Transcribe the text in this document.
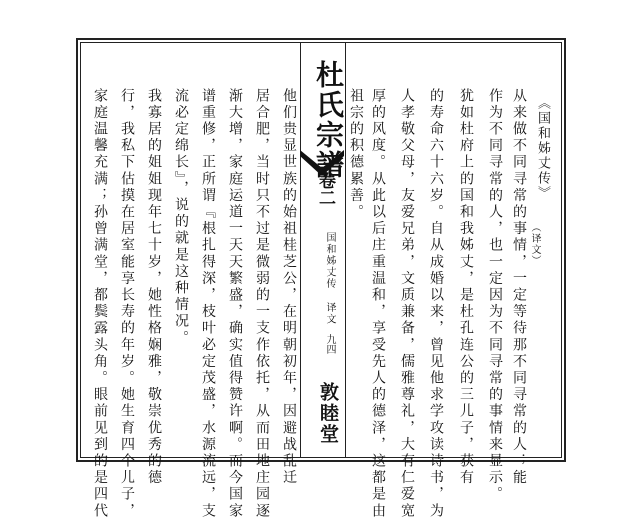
杜氏宗譜
卷二
国和姊丈传 译文
九四
敦睦堂
《国和姊丈传》
（译文）
从来做不同寻常的事情，一定等待那不同寻常的人；能
作为不同寻常的人，也一定因为不同寻常的事情来显示。
犹如杜府上的国和我姊丈，是杜孔连公的三儿子，获有
的寿命六十六岁。自从成婚以来，曾见他求学攻读诗书，为
人孝敬父母，友爱兄弟，文质兼备，儒雅尊礼，大有仁爱宽
厚的风度。从此以后庄重温和，享受先人的德泽，这都是由
祖宗的积德累善。
他们贵显世族的始祖桂芝公，在明朝初年，因避战乱迁
居合肥，当时只不过是微弱的一支作依托，从而田地庄园逐
渐大增，家庭运道一天天繁盛，确实值得赞许啊。而今国家
谱重修，正所谓『根扎得深，枝叶必定茂盛，水源流远，支
流必定绵长』，说的就是这种情况。
我寡居的姐姐现年七十岁，她性格娴雅，敬崇优秀的德
行，我私下估摸在居室能享长寿的年岁。她生育四个儿子，
家庭温馨充满；孙曾满堂，都鬓露头角。眼前见到的是四代
